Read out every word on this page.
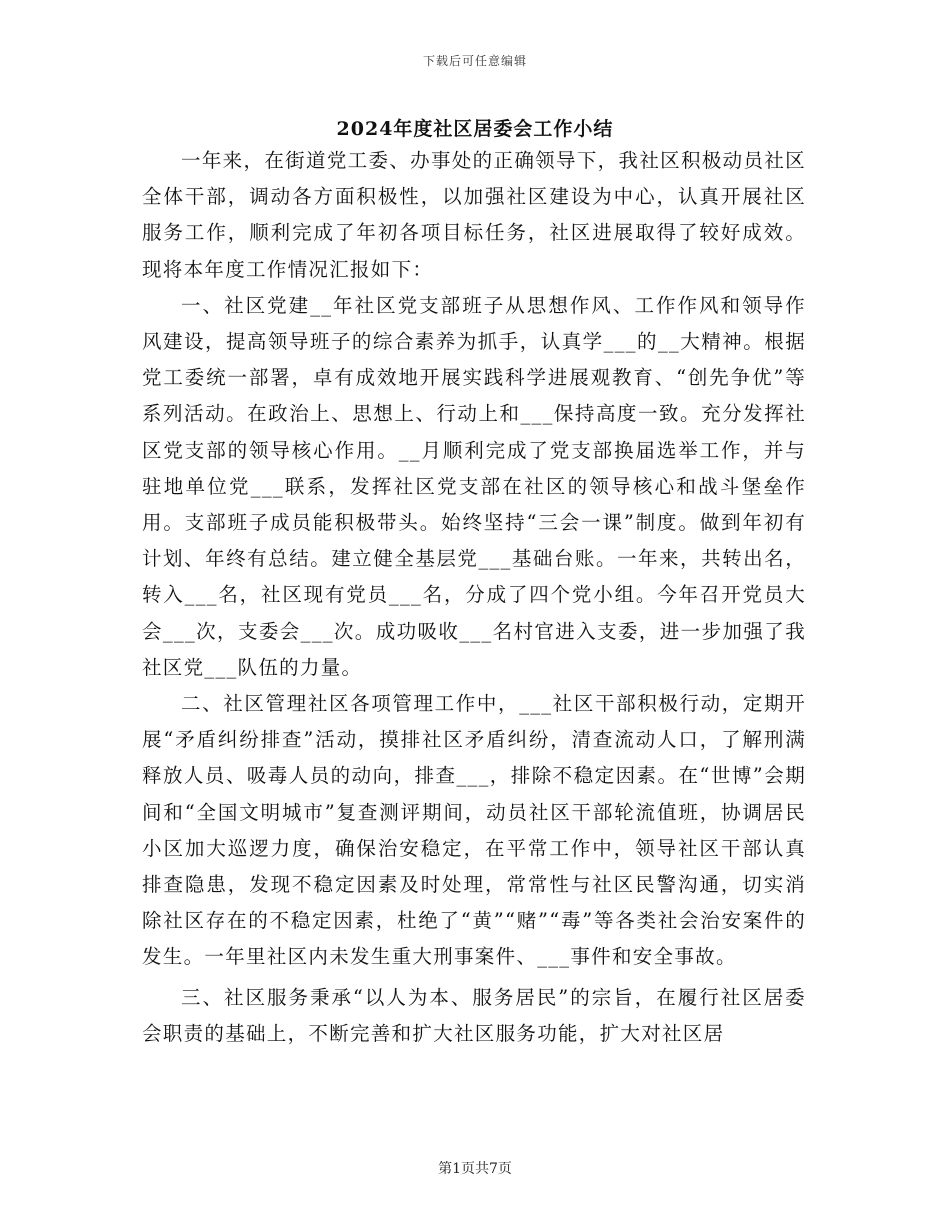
下载后可任意编辑
2024年度社区居委会工作小结

一年来，在街道党工委、办事处的正确领导下，我社区积极动员社区全体干部，调动各方面积极性，以加强社区建设为中心，认真开展社区服务工作，顺利完成了年初各项目标任务，社区进展取得了较好成效。现将本年度工作情况汇报如下：

一、社区党建__年社区党支部班子从思想作风、工作作风和领导作风建设，提高领导班子的综合素养为抓手，认真学___的__大精神。根据党工委统一部署，卓有成效地开展实践科学进展观教育、“创先争优”等系列活动。在政治上、思想上、行动上和___保持高度一致。充分发挥社区党支部的领导核心作用。__月顺利完成了党支部换届选举工作，并与驻地单位党___联系，发挥社区党支部在社区的领导核心和战斗堡垒作用。支部班子成员能积极带头。始终坚持“三会一课”制度。做到年初有计划、年终有总结。建立健全基层党___基础台账。一年来，共转出名，转入___名，社区现有党员___名，分成了四个党小组。今年召开党员大会___次，支委会___次。成功吸收___名村官进入支委，进一步加强了我社区党___队伍的力量。

二、社区管理社区各项管理工作中，___社区干部积极行动，定期开展“矛盾纠纷排查”活动，摸排社区矛盾纠纷，清查流动人口，了解刑满释放人员、吸毒人员的动向，排查___，排除不稳定因素。在“世博”会期间和“全国文明城市”复查测评期间，动员社区干部轮流值班，协调居民小区加大巡逻力度，确保治安稳定，在平常工作中，领导社区干部认真排查隐患，发现不稳定因素及时处理，常常性与社区民警沟通，切实消除社区存在的不稳定因素，杜绝了“黄”“赌”“毒”等各类社会治安案件的发生。一年里社区内未发生重大刑事案件、___事件和安全事故。

三、社区服务秉承“以人为本、服务居民”的宗旨，在履行社区居委会职责的基础上，不断完善和扩大社区服务功能，扩大对社区居

第1页共7页
